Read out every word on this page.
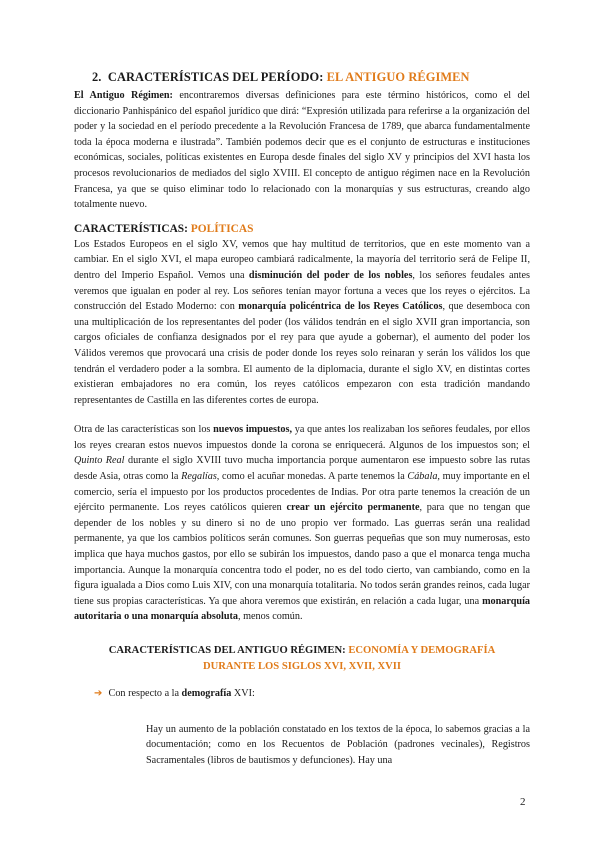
2. CARACTERÍSTICAS DEL PERÍODO: EL ANTIGUO RÉGIMEN

El Antiguo Régimen: encontraremos diversas definiciones para este término históricos, como el del diccionario Panhispánico del español jurídico que dirá: “Expresión utilizada para referirse a la organización del poder y la sociedad en el período precedente a la Revolución Francesa de 1789, que abarca fundamentalmente toda la época moderna e ilustrada”. También podemos decir que es el conjunto de estructuras e instituciones económicas, sociales, políticas existentes en Europa desde finales del siglo XV y principios del XVI hasta los procesos revolucionarios de mediados del siglo XVIII. El concepto de antiguo régimen nace en la Revolución Francesa, ya que se quiso eliminar todo lo relacionado con la monarquías y sus estructuras, creando algo totalmente nuevo.

CARACTERÍSTICAS: POLÍTICAS

Los Estados Europeos en el siglo XV, vemos que hay multitud de territorios, que en este momento van a cambiar. En el siglo XVI, el mapa europeo cambiará radicalmente, la mayoría del territorio será de Felipe II, dentro del Imperio Español. Vemos una disminución del poder de los nobles, los señores feudales antes veremos que igualan en poder al rey. Los señores tenían mayor fortuna a veces que los reyes o ejércitos. La construcción del Estado Moderno: con monarquía policéntrica de los Reyes Católicos, que desemboca con una multiplicación de los representantes del poder (los válidos tendrán en el siglo XVII gran importancia, son cargos oficiales de confianza designados por el rey para que ayude a gobernar), el aumento del poder los Válidos veremos que provocará una crisis de poder donde los reyes solo reinaran y serán los válidos los que tendrán el verdadero poder a la sombra. El aumento de la diplomacia, durante el siglo XV, en distintas cortes existieran embajadores no era común, los reyes católicos empezaron con esta tradición mandando representantes de Castilla en las diferentes cortes de europa.

Otra de las características son los nuevos impuestos, ya que antes los realizaban los señores feudales, por ellos los reyes crearan estos nuevos impuestos donde la corona se enriquecerá. Algunos de los impuestos son; el Quinto Real durante el siglo XVIII tuvo mucha importancia porque aumentaron ese impuesto sobre las rutas desde Asia, otras como la Regalías, como el acuñar monedas. A parte tenemos la Cábala, muy importante en el comercio, sería el impuesto por los productos procedentes de Indias. Por otra parte tenemos la creación de un ejército permanente. Los reyes católicos quieren crear un ejército permanente, para que no tengan que depender de los nobles y su dinero si no de uno propio ver formado. Las guerras serán una realidad permanente, ya que los cambios políticos serán comunes. Son guerras pequeñas que son muy numerosas, esto implica que haya muchos gastos, por ello se subirán los impuestos, dando paso a que el monarca tenga mucha importancia. Aunque la monarquía concentra todo el poder, no es del todo cierto, van cambiando, como en la figura igualada a Dios como Luis XIV, con una monarquía totalitaria. No todos serán grandes reinos, cada lugar tiene sus propias características. Ya que ahora veremos que existirán, en relación a cada lugar, una monarquía autoritaria o una monarquía absoluta, menos común.

CARACTERÍSTICAS DEL ANTIGUO RÉGIMEN: ECONOMÍA Y DEMOGRAFÍA
DURANTE LOS SIGLOS XVI, XVII, XVII
➔ Con respecto a la demografía XVI:

Hay un aumento de la población constatado en los textos de la época, lo sabemos gracias a la documentación; como en los Recuentos de Población (padrones vecinales), Registros Sacramentales (libros de bautismos y defunciones). Hay una

2
